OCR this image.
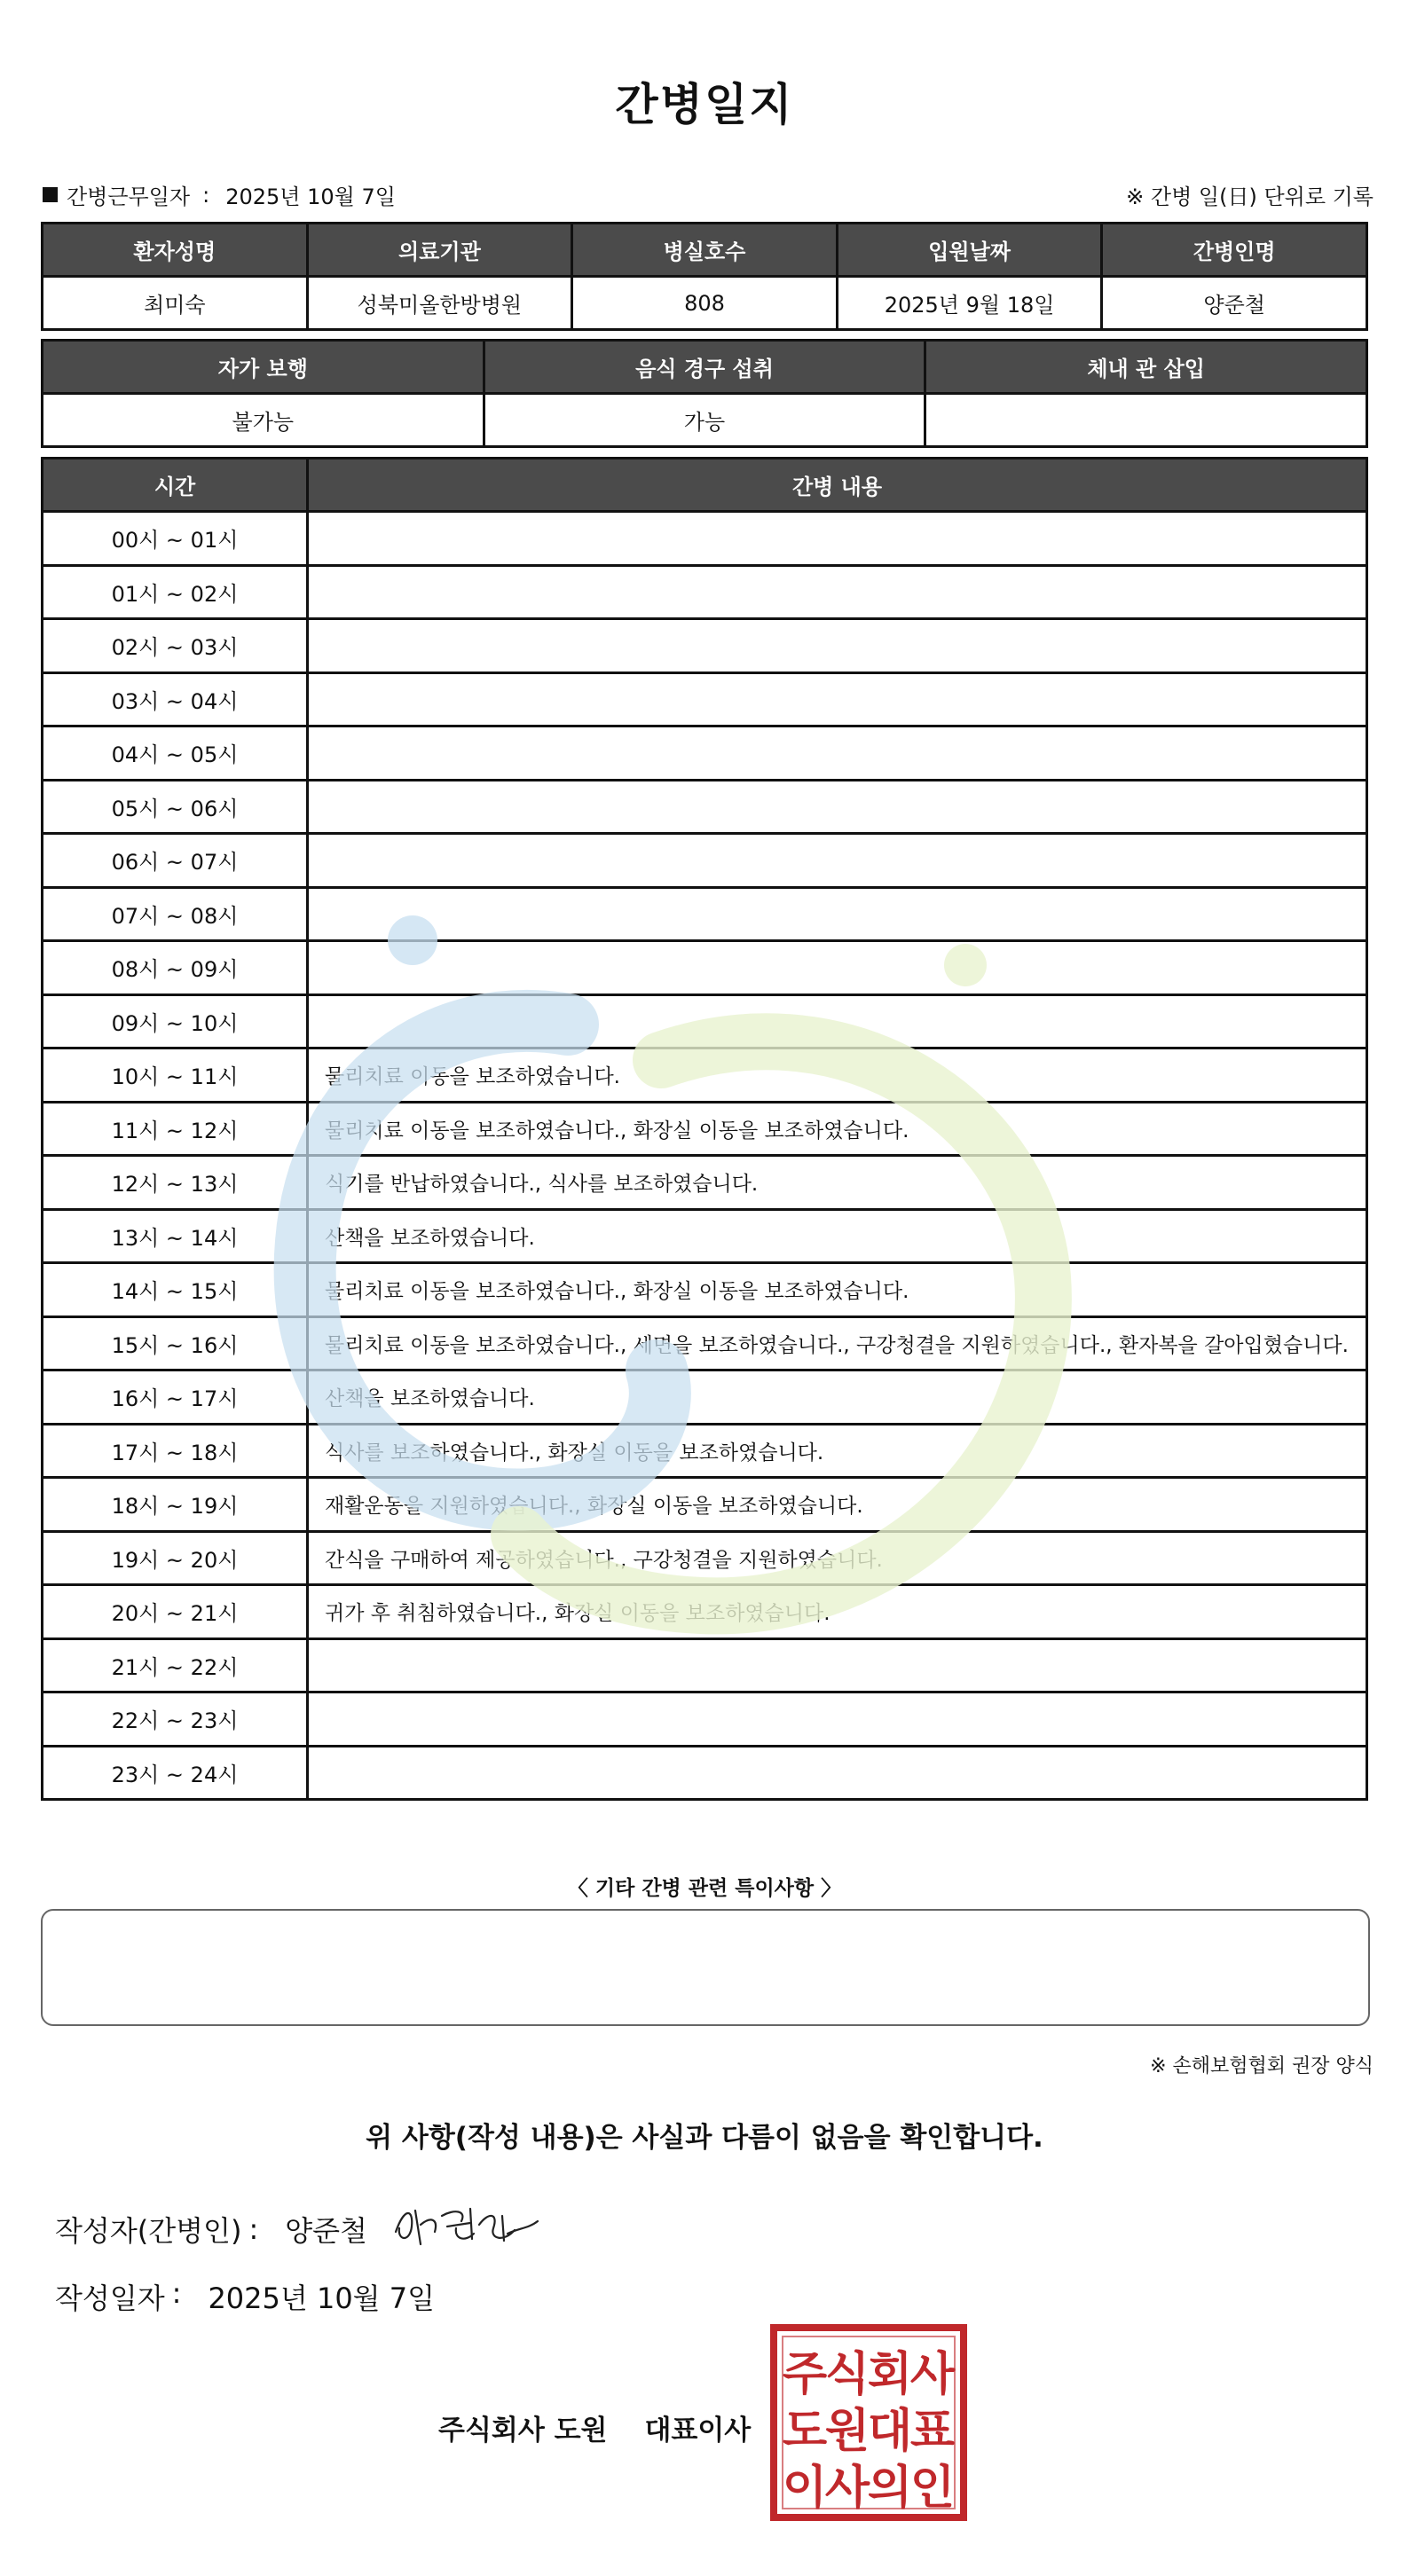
간병일지
간병근무일자 : 2025년 10월 7일	※ 간병 일(日) 단위로 기록
환자성명	의료기관	병실호수	입원날짜	간병인명
최미숙	성북미올한방병원	808	2025년 9월 18일	양준철
자가 보행	음식 경구 섭취	체내 관 삽입
불가능	가능	
시간	간병 내용
00시 ~ 01시	
01시 ~ 02시	
02시 ~ 03시	
03시 ~ 04시	
04시 ~ 05시	
05시 ~ 06시	
06시 ~ 07시	
07시 ~ 08시	
08시 ~ 09시	
09시 ~ 10시	
10시 ~ 11시	물리치료 이동을 보조하였습니다.
11시 ~ 12시	물리치료 이동을 보조하였습니다., 화장실 이동을 보조하였습니다.
12시 ~ 13시	식기를 반납하였습니다., 식사를 보조하였습니다.
13시 ~ 14시	산책을 보조하였습니다.
14시 ~ 15시	물리치료 이동을 보조하였습니다., 화장실 이동을 보조하였습니다.
15시 ~ 16시	물리치료 이동을 보조하였습니다., 세면을 보조하였습니다., 구강청결을 지원하였습니다., 환자복을 갈아입혔습니다.
16시 ~ 17시	산책을 보조하였습니다.
17시 ~ 18시	식사를 보조하였습니다., 화장실 이동을 보조하였습니다.
18시 ~ 19시	재활운동을 지원하였습니다., 화장실 이동을 보조하였습니다.
19시 ~ 20시	간식을 구매하여 제공하였습니다., 구강청결을 지원하였습니다.
20시 ~ 21시	귀가 후 취침하였습니다., 화장실 이동을 보조하였습니다.
21시 ~ 22시	
22시 ~ 23시	
23시 ~ 24시	
〈 기타 간병 관련 특이사항 〉
※ 손해보험협회 권장 양식
위 사항(작성 내용)은 사실과 다름이 없음을 확인합니다.
작성자(간병인) : 양준철
작성일자 : 2025년 10월 7일
주식회사 도원 대표이사
주
식
회
사
도
원
대
표
이
사
의
인
